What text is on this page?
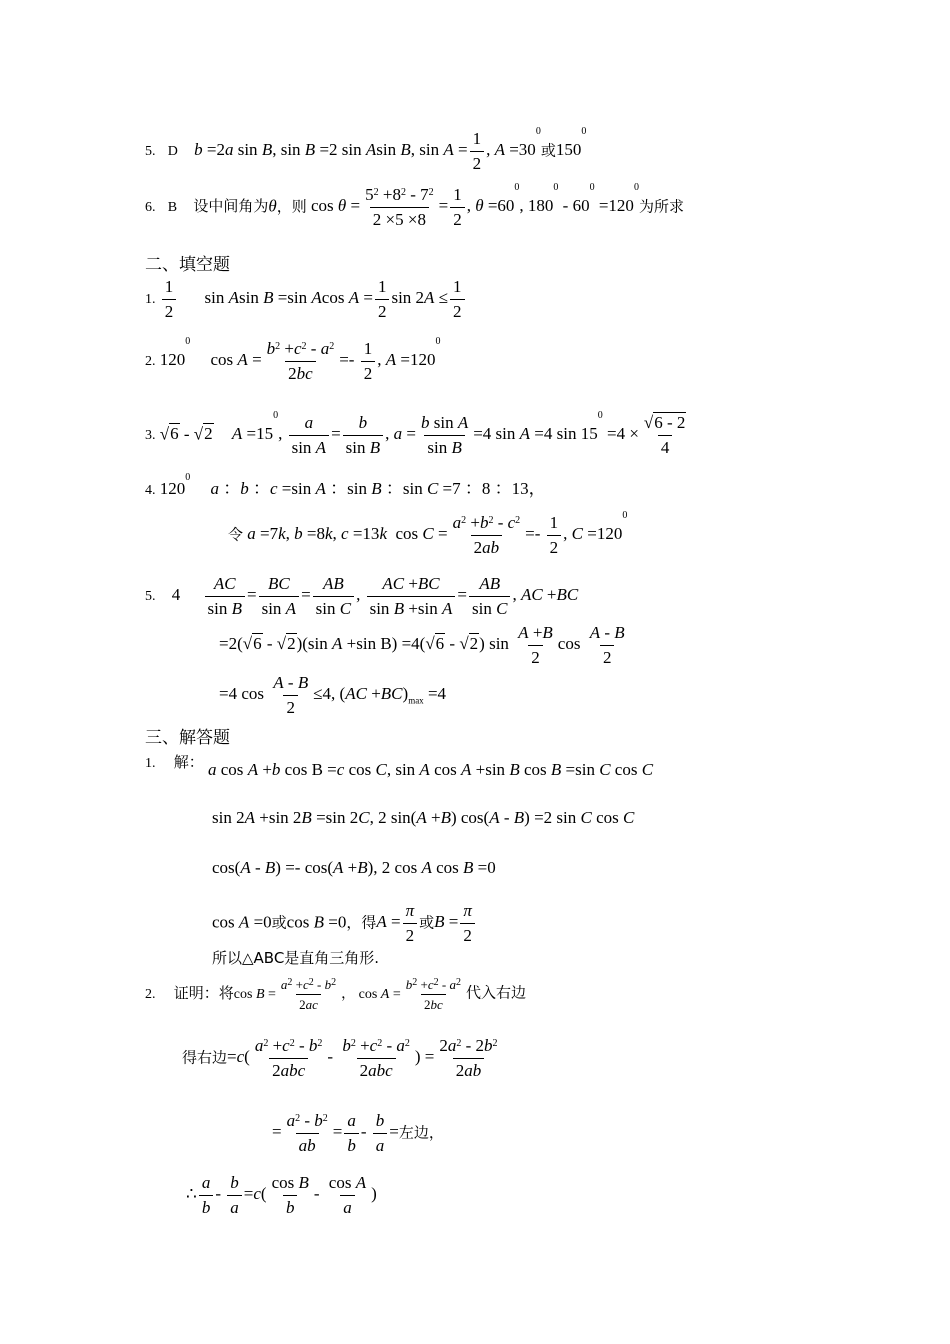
5. D b =2a sin B, sin B =2 sin Asin B, $\sin A = \frac{1}{2}$ , $A =30^0$或$150^0$
6. B 设中间角为θ，则 $\cos \theta = \frac{5^2 +8^2 - 7^2}{2 \times 5 \times 8} = \frac{1}{2}$ , $\theta =60^0$, $180^0 - 60^0 =120^0$为所求
二、填空题
1. $\frac{1}{2}$ sin Asin B =sin Acos $A = \frac{1}{2}$ $\sin 2A \le \frac{1}{2}$
2. $120^0$ $\cos A = \frac{b^2 +c^2 - a^2}{2bc} =- \frac{1}{2}$ , $A =120^0$
3. √6 - √2 $A =15^0$, $\frac{a}{\text{sin A}} = \frac{b}{\text{sin B}}$ , $a = \frac{\text{b sin A}}{\text{sin B}} =4$ sin A =4 $\sin 15^0 =4 \times \frac{√6 - 2}{4}$
4. $120^0$ a ：b ：c =sin A ：sin B ：sin C =7 ：8 ：13，
令 a =7k, b =8k, c =13k  $\cos C = \frac{a^2 +b^2 - c^2}{2ab} =- \frac{1}{2}$ , $C =120^0$
5. $4 \frac{AC}{\text{sin B}} = \frac{BC}{\text{sin A}} = \frac{AB}{\text{sin C}}$ , $\frac{AC +BC}{\text{sin B +sin A}} = \frac{AB}{\text{sin C}}$ , AC +BC
=2(√6 - √2)(sin A +sin B) =4(√6 - √2) $\sin \frac{A +B}{2}$ $\cos \frac{A - B}{2}$
=4 $\cos \frac{A - B}{2} \le 4$, $(AC +BC)_{max} =4$
三、解答题
1. 解： a cos A +b cos B =c cos C, sin A cos A +sin B cos B =sin C cos C
sin 2A +sin 2B =sin 2C, 2 sin(A +B) cos(A - B) =2 sin C cos C
cos(A - B) =- cos(A +B), 2 cos A cos B =0
cos A =0或cos B =0，得$A = \frac{\pi}{2}$ 或$B = \frac{\pi}{2}$
所以△ABC是直角三角形.
2. 证明：将$\cos B = \frac{a^2 +c^2 - b^2}{2ac}$ ， $\cos A = \frac{b^2 +c^2 - a^2}{2bc}$ 代入右边
得右边$=c( \frac{a^2 +c^2 - b^2}{\text{2abc}} - \frac{b^2 +c^2 - a^2}{\text{2abc}}$ ) = $\frac{2a^2 - 2b^2}{2ab}$
= $\frac{a^2 - b^2}{ab} = \frac{a}{b} - \frac{b}{a}$ =左边，
∴ $\frac{a}{b} - \frac{b}{a} =c( \frac{\text{cos B}}{b} - \frac{\text{cos A}}{a}$ )
